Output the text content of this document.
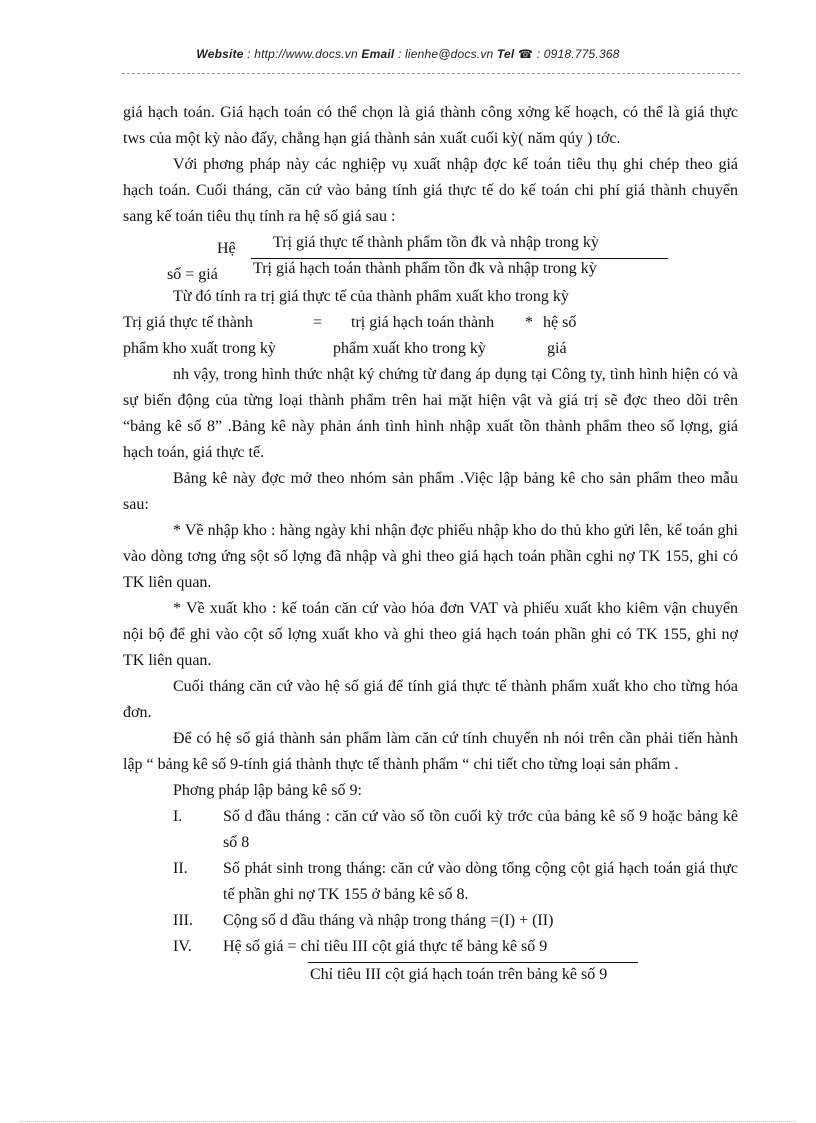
Website : http://www.docs.vn Email : lienhe@docs.vn Tel ☎ : 0918.775.368

giá hạch toán. Giá hạch toán có thể chọn là giá thành công xởng kế hoạch, có thể là giá thực tws của một kỳ nào đấy, chẳng hạn giá thành sản xuất cuối kỳ( năm qúy ) tớc.

Với phơng pháp này các nghiệp vụ xuất nhập đợc kế toán tiêu thụ ghi chép theo giá hạch toán. Cuối tháng, căn cứ vào bảng tính giá thực tế do kế toán chi phí giá thành chuyển sang kế toán tiêu thụ tính ra hệ số giá sau :

Hệ
số = giá
Trị giá thực tế thành phẩm tồn đk và nhập trong kỳ
Trị giá hạch toán thành phẩm tồn đk và nhập trong kỳ

Từ đó tính ra trị giá thực tế của thành phẩm xuất kho trong kỳ

Trị giá thực tế thành	= trị giá hạch toán thành * hệ số
phẩm kho xuất trong kỳ	phẩm xuất kho trong kỳ	giá

nh vậy, trong hình thức nhật ký chứng từ đang áp dụng tại Công ty, tình hình hiện có và sự biến động của từng loại thành phẩm trên hai mặt hiện vật và giá trị sẽ đợc theo dõi trên “bảng kê số 8” .Bảng kê này phản ánh tình hình nhập xuất tồn thành phẩm theo số lợng, giá hạch toán, giá thực tế.

Bảng kê này đợc mở theo nhóm sản phẩm .Việc lập bảng kê cho sản phẩm theo mẫu sau:

* Về nhập kho : hàng ngày khi nhận đợc phiếu nhập kho do thủ kho gửi lên, kế toán ghi vào dòng tơng ứng sột số lợng đã nhập và ghi theo giá hạch toán phần cghi nợ TK 155, ghi có TK liên quan.

* Về xuất kho : kế toán căn cứ vào hóa đơn VAT và phiếu xuất kho kiêm vận chuyển nội bộ để ghi vào cột số lợng xuất kho và ghi theo giá hạch toán phần ghi có TK 155, ghi nợ TK liên quan.

Cuối tháng căn cứ vào hệ số giá để tính giá thực tế thành phẩm xuất kho cho từng hóa đơn.

Để có hệ số giá thành sản phẩm làm căn cứ tính chuyển nh nói trên cần phải tiến hành lập “ bảng kê số 9-tính giá thành thực tế thành phẩm “ chi tiết cho từng loại sản phẩm .

Phơng pháp lập bảng kê số 9:

I.	Số d đầu tháng : căn cứ vào số tồn cuối kỳ trớc của bảng kê số 9 hoặc bảng kê số 8
II. Số phát sinh trong tháng: căn cứ vào dòng tổng cộng cột giá hạch toán giá thực tế phần ghi nợ TK 155 ở bảng kê số 8.
III. Cộng số d đầu tháng và nhập trong tháng =(I) + (II)
IV. Hệ số giá = chỉ tiêu III cột giá thực tế bảng kê số 9
Chỉ tiêu III cột giá hạch toán trên bảng kê số 9
